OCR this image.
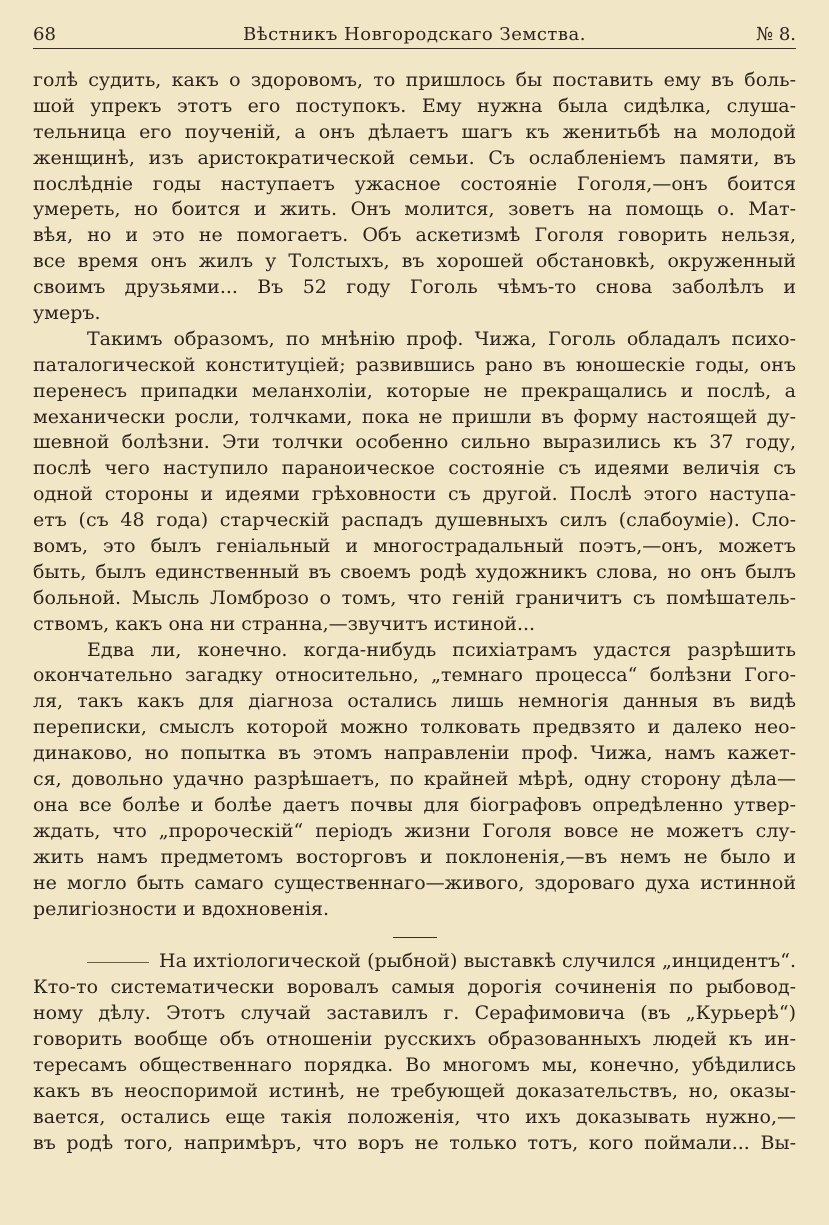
68	Вѣстникъ Новгородскаго Земства.	№ 8.
голѣ судить, какъ о здоровомъ, то пришлось бы поставить ему въ боль-
шой упрекъ этотъ его поступокъ. Ему нужна была сидѣлка, слуша-
тельница его поученій, а онъ дѣлаетъ шагъ къ женитьбѣ на молодой
женщинѣ, изъ аристократической семьи. Съ ослабленіемъ памяти, въ
послѣдніе годы наступаетъ ужасное состояніе Гоголя,—онъ боится
умереть, но боится и жить. Онъ молится, зоветъ на помощь о. Мат-
вѣя, но и это не помогаетъ. Объ аскетизмѣ Гоголя говорить нельзя,
все время онъ жилъ у Толстыхъ, въ хорошей обстановкѣ, окруженный
своимъ друзьями... Въ 52 году Гоголь чѣмъ-то снова заболѣлъ и
умеръ.
Такимъ образомъ, по мнѣнію проф. Чижа, Гоголь обладалъ психо-
паталогической конституціей; развившись рано въ юношескіе годы, онъ
перенесъ припадки меланхоліи, которые не прекращались и послѣ, а
механически росли, толчками, пока не пришли въ форму настоящей ду-
шевной болѣзни. Эти толчки особенно сильно выразились къ 37 году,
послѣ чего наступило параноическое состояніе съ идеями величія съ
одной стороны и идеями грѣховности съ другой. Послѣ этого наступа-
етъ (съ 48 года) старческій распадъ душевныхъ силъ (слабоуміе). Сло-
вомъ, это былъ геніальный и многострадальный поэтъ,—онъ, можетъ
быть, былъ единственный въ своемъ родѣ художникъ слова, но онъ былъ
больной. Мысль Ломброзо о томъ, что геній граничитъ съ помѣшатель-
ствомъ, какъ она ни странна,—звучитъ истиной...
Едва ли, конечно. когда-нибудь психіатрамъ удастся разрѣшить
окончательно загадку относительно, „темнаго процесса“ болѣзни Гого-
ля, такъ какъ для діагноза остались лишь немногія данныя въ видѣ
переписки, смыслъ которой можно толковать предвзято и далеко нео-
динаково, но попытка въ этомъ направленіи проф. Чижа, намъ кажет-
ся, довольно удачно разрѣшаетъ, по крайней мѣрѣ, одну сторону дѣла—
она все болѣе и болѣе даетъ почвы для біографовъ опредѣленно утвер-
ждать, что „пророческій“ періодъ жизни Гоголя вовсе не можетъ слу-
жить намъ предметомъ восторговъ и поклоненія,—въ немъ не было и
не могло быть самаго существеннаго—живого, здороваго духа истинной
религіозности и вдохновенія.
На ихтіологической (рыбной) выставкѣ случился „инцидентъ“.
Кто-то систематически воровалъ самыя дорогія сочиненія по рыбовод-
ному дѣлу. Этотъ случай заставилъ г. Серафимовича (въ „Курьерѣ“)
говорить вообще объ отношеніи русскихъ образованныхъ людей къ ин-
тересамъ общественнаго порядка. Во многомъ мы, конечно, убѣдились
какъ въ неоспоримой истинѣ, не требующей доказательствъ, но, оказы-
вается, остались еще такія положенія, что ихъ доказывать нужно,—
въ родѣ того, напримѣръ, что воръ не только тотъ, кого поймали... Вы-
